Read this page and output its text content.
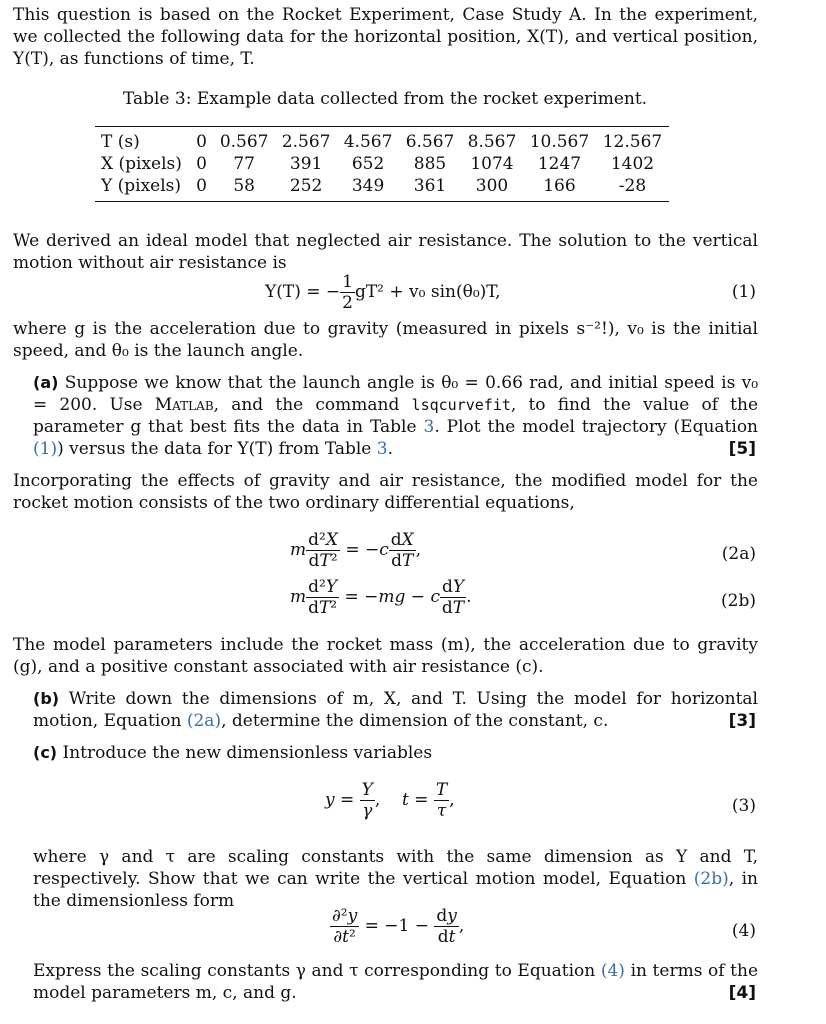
This question is based on the Rocket Experiment, Case Study A. In the experiment, we collected the following data for the horizontal position, X(T), and vertical position, Y(T), as functions of time, T.
Table 3: Example data collected from the rocket experiment.
T (s)	0	0.567	2.567	4.567	6.567	8.567	10.567	12.567
X (pixels)	0	77	391	652	885	1074	1247	1402
Y (pixels)	0	58	252	349	361	300	166	-28
We derived an ideal model that neglected air resistance. The solution to the vertical motion without air resistance is
Y(T) = − $\frac{1}{2} gT^2 + v_0$ sin(θ₀)T,	(1)
where g is the acceleration due to gravity (measured in pixels s⁻²!), v₀ is the initial speed, and θ₀ is the launch angle.
(a) Suppose we know that the launch angle is θ₀ = 0.66 rad, and initial speed is v₀ = 200. Use Matlab, and the command lsqcurvefit, to find the value of the parameter g that best fits the data in Table 3. Plot the model trajectory (Equation (1)) versus the data for Y(T) from Table 3.	[5]
Incorporating the effects of gravity and air resistance, the modified model for the rocket motion consists of the two ordinary differential equations,
m $\frac{\text{d²X}}{\text{dT²}} = -c \frac{dX}{dT}$ ,	(2a)
m $\frac{\text{d²Y}}{\text{dT²}} = -mg - c \frac{dY}{dT}$ .	(2b)
The model parameters include the rocket mass (m), the acceleration due to gravity (g), and a positive constant associated with air resistance (c).
(b) Write down the dimensions of m, X, and T. Using the model for horizontal motion, Equation (2a), determine the dimension of the constant, c.	[3]
(c) Introduce the new dimensionless variables
$y = \frac{Y}{\gamma}$ ,    $t = \frac{T}{\tau}$ ,	(3)
where γ and τ are scaling constants with the same dimension as Y and T, respectively. Show that we can write the vertical motion model, Equation (2b), in the dimensionless form
$\frac{\text{∂²y}}{\text{∂t²}} = -1 - \frac{dy}{dt}$ ,	(4)
Express the scaling constants γ and τ corresponding to Equation (4) in terms of the model parameters m, c, and g.	[4]
